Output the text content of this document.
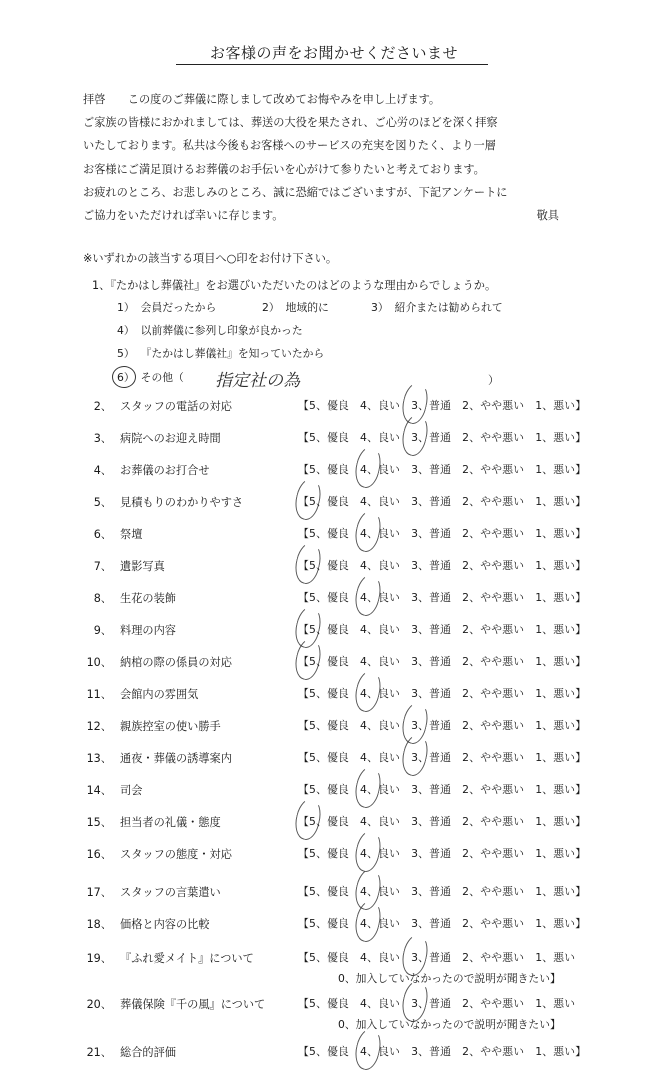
お客様の声をお聞かせくださいませ
拝啓　　この度のご葬儀に際しまして改めてお悔やみを申し上げます。
ご家族の皆様におかれましては、葬送の大役を果たされ、ご心労のほどを深く拝察
いたしております。私共は今後もお客様へのサービスの充実を図りたく、より一層
お客様にご満足頂けるお葬儀のお手伝いを心がけて参りたいと考えております。
お疲れのところ、お悲しみのところ、誠に恐縮ではございますが、下記アンケートに
ご協力をいただければ幸いに存じます。	敬具
※いずれかの該当する項目へ○印をお付け下さい。
1、『たかはし葬儀社』をお選びいただいたのはどのような理由からでしょうか。
1） 会員だったから	2） 地域的に	3） 紹介または勧められて
4） 以前葬儀に参列し印象が良かった
5） 『たかはし葬儀社』を知っていたから
6） その他（ 指定社の為	）
2、 スタッフの電話の対応	【5、優良　4、良い　3、普通　2、やや悪い　1、悪い】
3、 病院へのお迎え時間	【5、優良　4、良い　3、普通　2、やや悪い　1、悪い】
4、 お葬儀のお打合せ	【5、優良　4、良い　3、普通　2、やや悪い　1、悪い】
5、 見積もりのわかりやすさ	【5、優良　4、良い　3、普通　2、やや悪い　1、悪い】
6、 祭壇	【5、優良　4、良い　3、普通　2、やや悪い　1、悪い】
7、 遺影写真	【5、優良　4、良い　3、普通　2、やや悪い　1、悪い】
8、 生花の装飾	【5、優良　4、良い　3、普通　2、やや悪い　1、悪い】
9、 料理の内容	【5、優良　4、良い　3、普通　2、やや悪い　1、悪い】
10、 納棺の際の係員の対応	【5、優良　4、良い　3、普通　2、やや悪い　1、悪い】
11、 会館内の雰囲気	【5、優良　4、良い　3、普通　2、やや悪い　1、悪い】
12、 親族控室の使い勝手	【5、優良　4、良い　3、普通　2、やや悪い　1、悪い】
13、 通夜・葬儀の誘導案内	【5、優良　4、良い　3、普通　2、やや悪い　1、悪い】
14、 司会	【5、優良　4、良い　3、普通　2、やや悪い　1、悪い】
15、 担当者の礼儀・態度	【5、優良　4、良い　3、普通　2、やや悪い　1、悪い】
16、 スタッフの態度・対応	【5、優良　4、良い　3、普通　2、やや悪い　1、悪い】
17、 スタッフの言葉遣い	【5、優良　4、良い　3、普通　2、やや悪い　1、悪い】
18、 価格と内容の比較	【5、優良　4、良い　3、普通　2、やや悪い　1、悪い】
19、 『ふれ愛メイト』について	【5、優良　4、良い　3、普通　2、やや悪い　1、悪い
0、加入していなかったので説明が聞きたい】
20、 葬儀保険『千の風』について	【5、優良　4、良い　3、普通　2、やや悪い　1、悪い
0、加入していなかったので説明が聞きたい】
21、 総合的評価	【5、優良　4、良い　3、普通　2、やや悪い　1、悪い】
